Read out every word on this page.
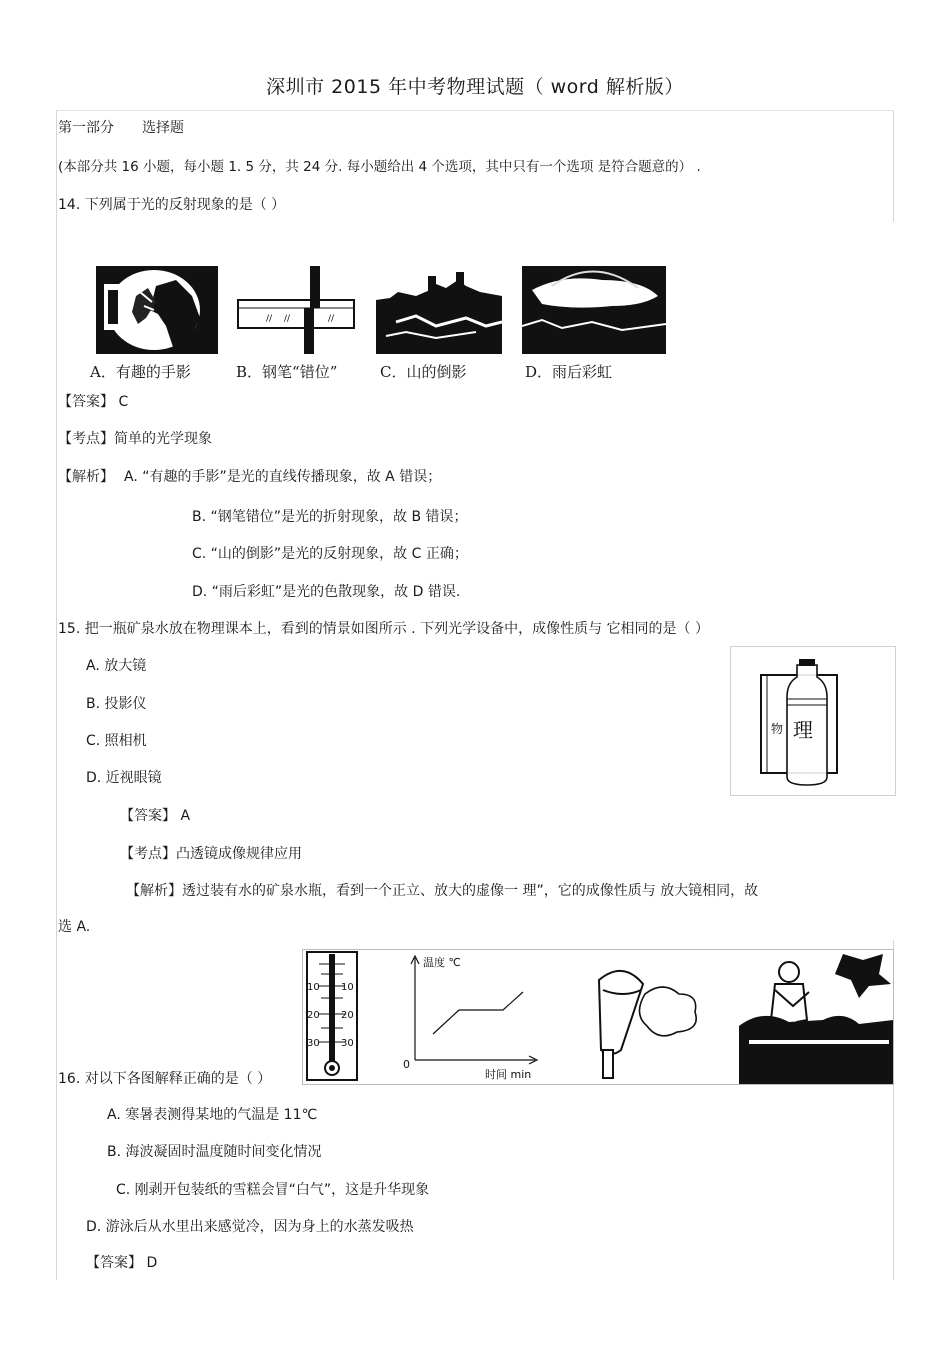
深圳市 2015 年中考物理试题（ word 解析版）
第一部分 选择题
(本部分共 16 小题，每小题 1. 5 分，共 24 分. 每小题给出 4 个选项，其中只有一个选项 是符合题意的） .
14. 下列属于光的反射现象的是（ ）
// //	//
A．有趣的手影	B．钢笔“错位”	C．山的倒影	D．雨后彩虹
【答案】 C
【考点】简单的光学现象
【解析】 A. “有趣的手影”是光的直线传播现象，故 A 错误；
B. “钢笔错位”是光的折射现象，故 B 错误；
C. “山的倒影”是光的反射现象，故 C 正确；
D. “雨后彩虹”是光的色散现象，故 D 错误.
15. 把一瓶矿泉水放在物理课本上，看到的情景如图所示 . 下列光学设备中，成像性质与 它相同的是（ ）
A. 放大镜
B. 投影仪
C. 照相机
D. 近视眼镜
物 理
【答案】 A
【考点】凸透镜成像规律应用
【解析】透过装有水的矿泉水瓶，看到一个正立、放大的虚像一 理”，它的成像性质与 放大镜相同，故
选 A.
10
20
30
10
20
30
温度 ℃
时间 min
0
16. 对以下各图解释正确的是（ ）
A. 寒暑表测得某地的气温是 11℃
B. 海波凝固时温度随时间变化情况
C. 刚剥开包装纸的雪糕会冒“白气”，这是升华现象
D. 游泳后从水里出来感觉冷，因为身上的水蒸发吸热
【答案】 D
